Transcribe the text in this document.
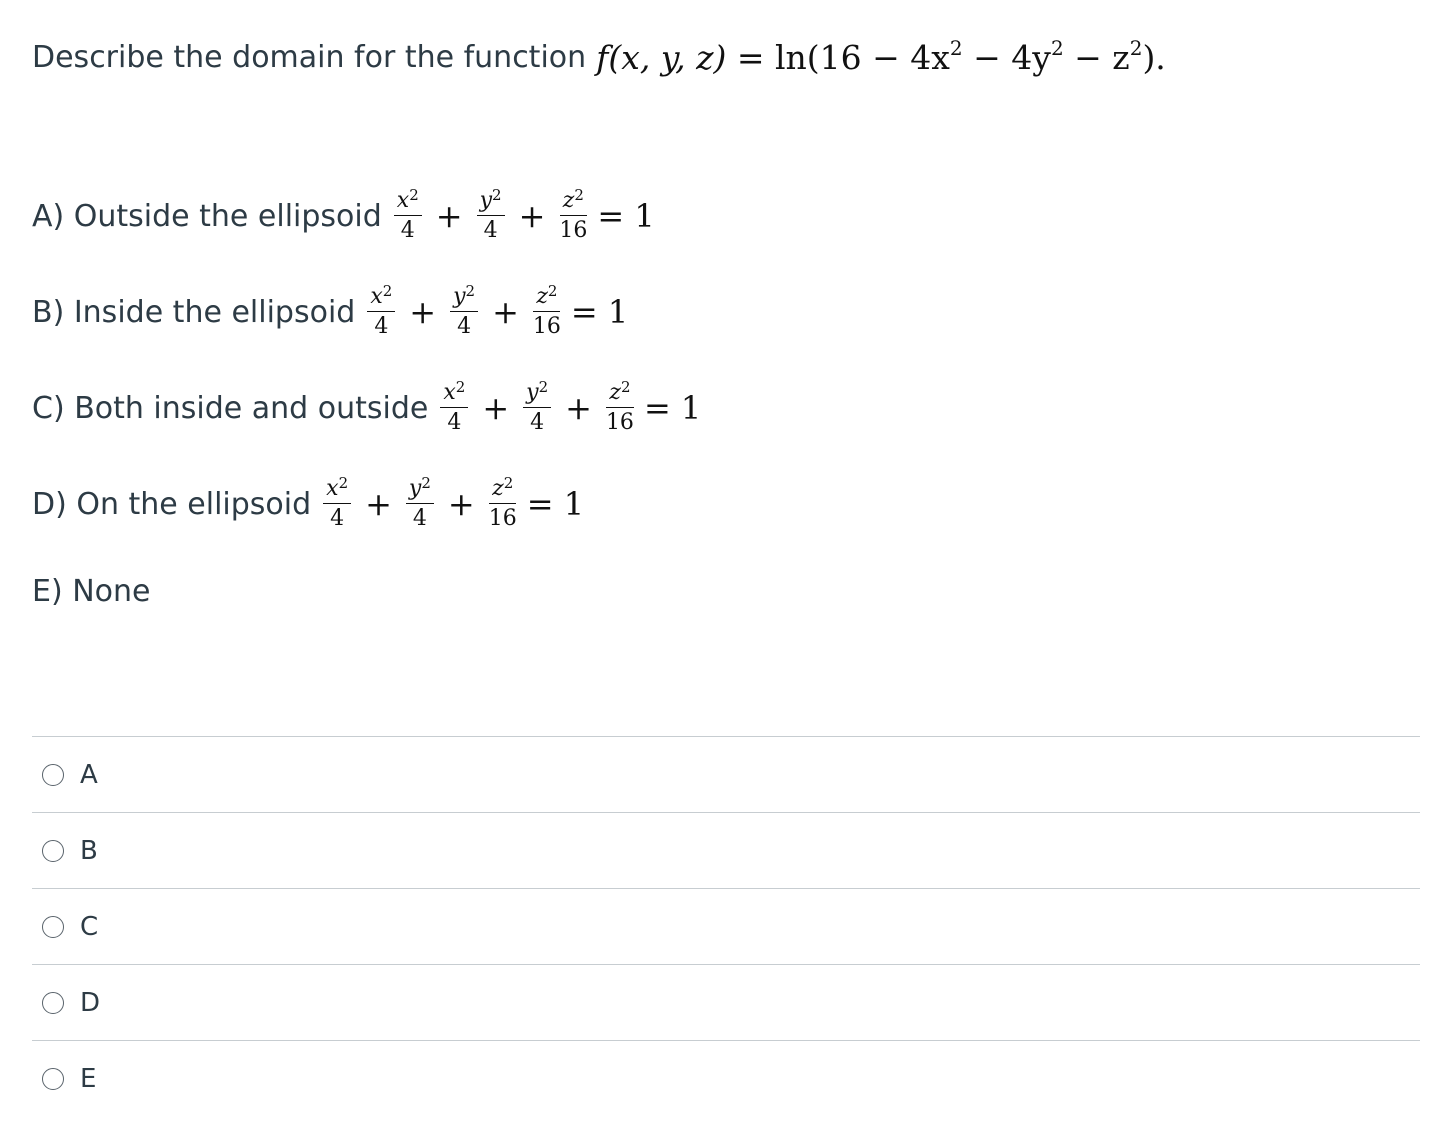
Describe the domain for the function f(x, y, $z) = \ln(16 - 4x^2 - 4y^2 - z^2)$.
A) Outside the ellipsoid $\frac{x^2}{4} + \frac{y^2}{4} + \frac{z^2}{16} = 1$
B) Inside the ellipsoid $\frac{x^2}{4} + \frac{y^2}{4} + \frac{z^2}{16} = 1$
C) Both inside and outside $\frac{x^2}{4} + \frac{y^2}{4} + \frac{z^2}{16} = 1$
D) On the ellipsoid $\frac{x^2}{4} + \frac{y^2}{4} + \frac{z^2}{16} = 1$
E) None
A
B
C
D
E
